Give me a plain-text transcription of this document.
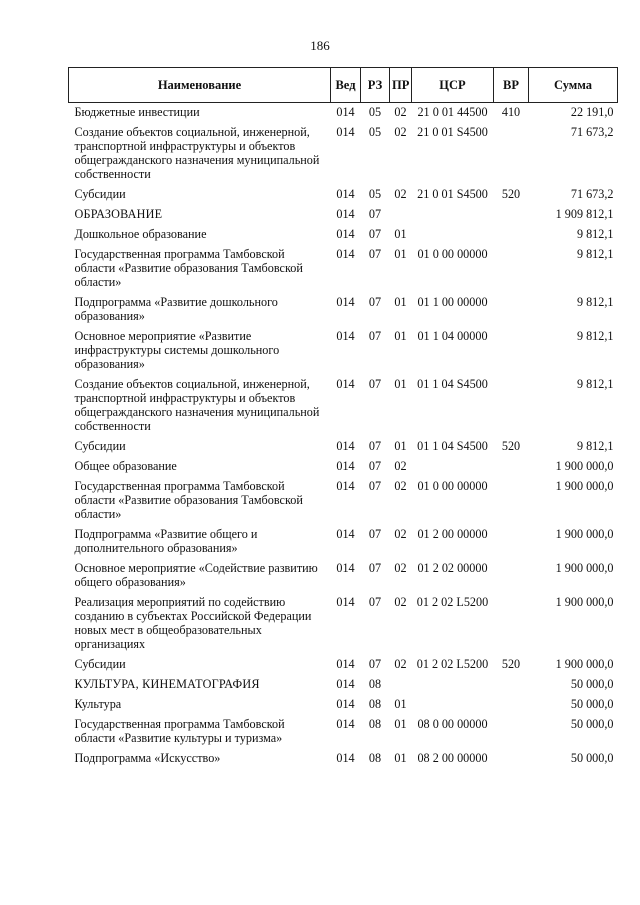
186
Наименование	Вед	РЗ	ПР	ЦСР	ВР	Сумма
Бюджетные инвестиции	014	05	02	21 0 01 44500	410	22 191,0
Создание объектов социальной, инженерной, транспортной инфраструктуры и объектов общегражданского назначения муниципальной собственности	014	05	02	21 0 01 S4500		71 673,2
Субсидии	014	05	02	21 0 01 S4500	520	71 673,2
ОБРАЗОВАНИЕ	014	07				1 909 812,1
Дошкольное образование	014	07	01			9 812,1
Государственная программа Тамбовской области «Развитие образования Тамбовской области»	014	07	01	01 0 00 00000		9 812,1
Подпрограмма «Развитие дошкольного образования»	014	07	01	01 1 00 00000		9 812,1
Основное мероприятие «Развитие инфраструктуры системы дошкольного образования»	014	07	01	01 1 04 00000		9 812,1
Создание объектов социальной, инженерной, транспортной инфраструктуры и объектов общегражданского назначения муниципальной собственности	014	07	01	01 1 04 S4500		9 812,1
Субсидии	014	07	01	01 1 04 S4500	520	9 812,1
Общее образование	014	07	02			1 900 000,0
Государственная программа Тамбовской области «Развитие образования Тамбовской области»	014	07	02	01 0 00 00000		1 900 000,0
Подпрограмма «Развитие общего и дополнительного образования»	014	07	02	01 2 00 00000		1 900 000,0
Основное мероприятие «Содействие развитию общего образования»	014	07	02	01 2 02 00000		1 900 000,0
Реализация мероприятий по содействию созданию в субъектах Российской Федерации новых мест в общеобразовательных организациях	014	07	02	01 2 02 L5200		1 900 000,0
Субсидии	014	07	02	01 2 02 L5200	520	1 900 000,0
КУЛЬТУРА, КИНЕМАТОГРАФИЯ	014	08				50 000,0
Культура	014	08	01			50 000,0
Государственная программа Тамбовской области «Развитие культуры и туризма»	014	08	01	08 0 00 00000		50 000,0
Подпрограмма «Искусство»	014	08	01	08 2 00 00000		50 000,0
